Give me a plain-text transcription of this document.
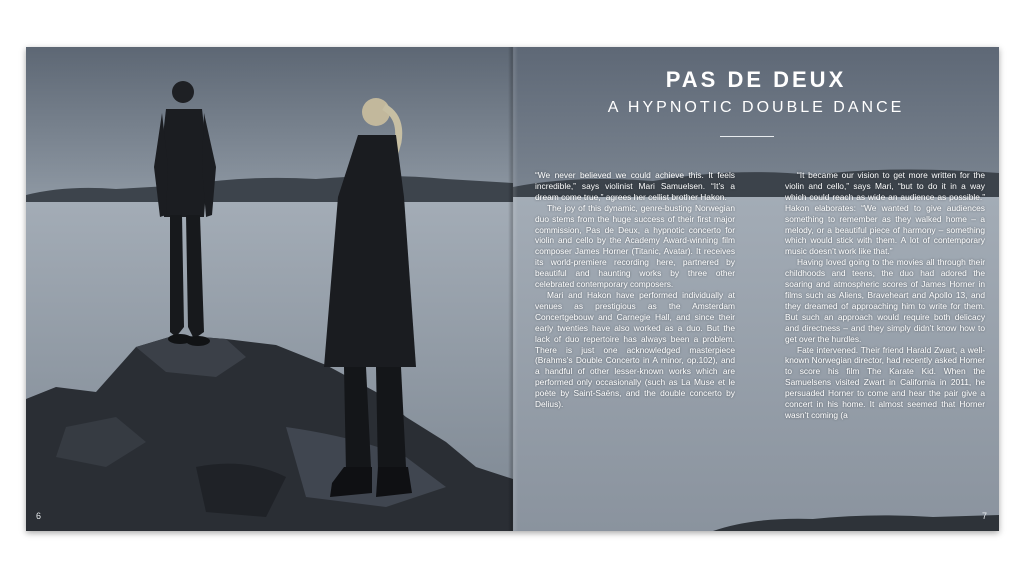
6
PAS DE DEUX
A HYPNOTIC DOUBLE DANCE

“We never believed we could achieve this. It feels incredible,” says violinist Mari Samuelsen. “It’s a dream come true,” agrees her cellist brother Hakon.

The joy of this dynamic, genre-busting Norwegian duo stems from the huge success of their first major commission, Pas de Deux, a hypnotic concerto for violin and cello by the Academy Award-winning film composer James Horner (Titanic, Avatar). It receives its world-premiere recording here, partnered by beautiful and haunting works by three other celebrated contemporary composers.

Mari and Hakon have performed individually at venues as prestigious as the Amsterdam Concertgebouw and Carnegie Hall, and since their early twenties have also worked as a duo. But the lack of duo repertoire has always been a problem. There is just one acknowledged masterpiece (Brahms’s Double Concerto in A minor, op.102), and a handful of other lesser-known works which are performed only occasionally (such as La Muse et le poète by Saint-Saëns, and the double concerto by Delius).

“It became our vision to get more written for the violin and cello,” says Mari, “but to do it in a way which could reach as wide an audience as possible.” Hakon elaborates: “We wanted to give audiences something to remember as they walked home – a melody, or a beautiful piece of harmony – something which would stick with them. A lot of contemporary music doesn’t work like that.”

Having loved going to the movies all through their childhoods and teens, the duo had adored the soaring and atmospheric scores of James Horner in films such as Aliens, Braveheart and Apollo 13, and they dreamed of approaching him to write for them. But such an approach would require both delicacy and directness – and they simply didn’t know how to get over the hurdles.

Fate intervened. Their friend Harald Zwart, a well-known Norwegian director, had recently asked Horner to score his film The Karate Kid. When the Samuelsens visited Zwart in California in 2011, he persuaded Horner to come and hear the pair give a concert in his home. It almost seemed that Horner wasn’t coming (a

7
